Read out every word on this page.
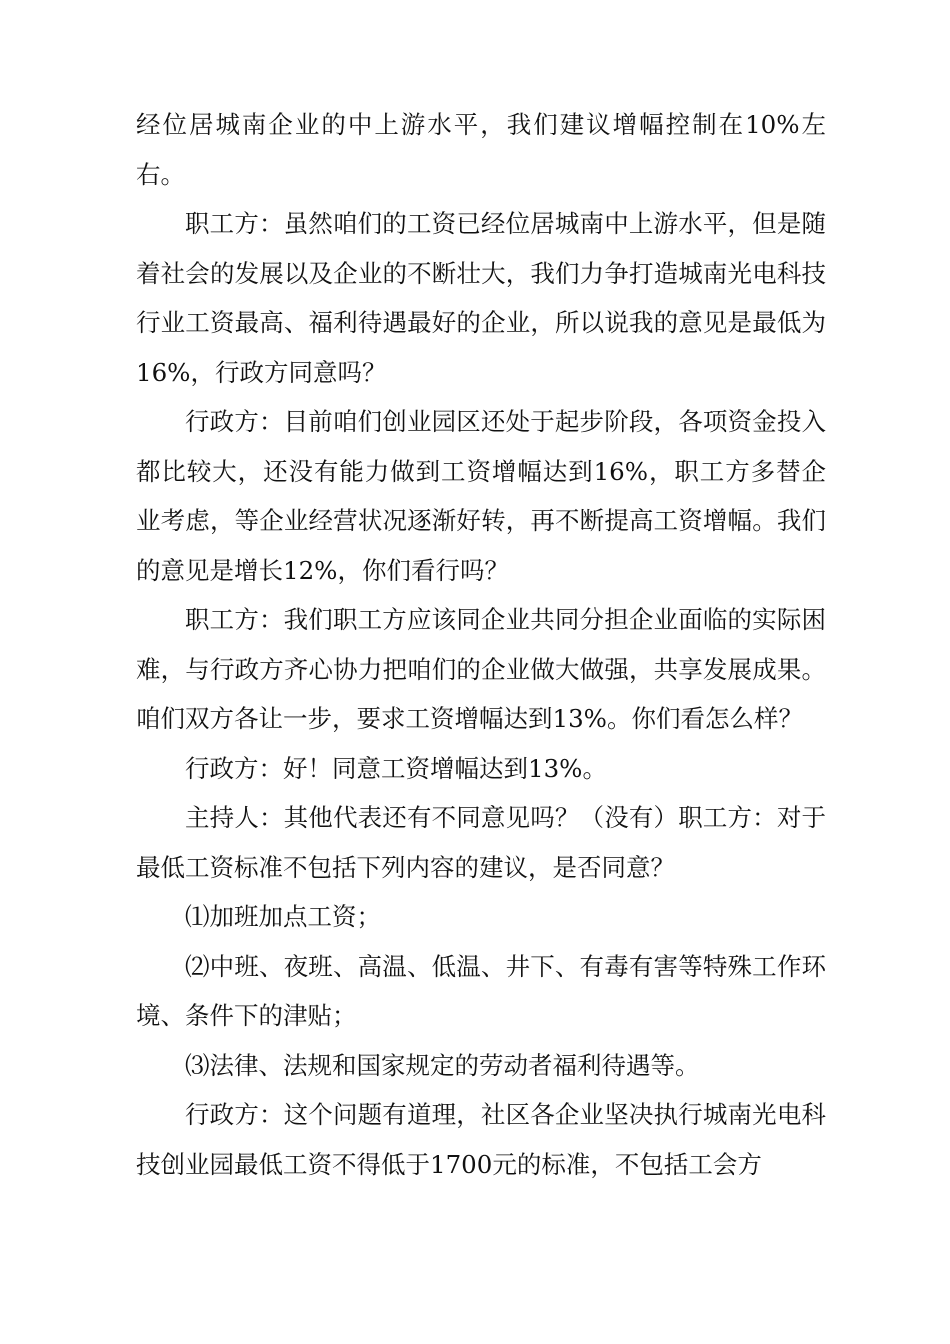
经位居城南企业的中上游水平，我们建议增幅控制在10%左右。

职工方：虽然咱们的工资已经位居城南中上游水平，但是随着社会的发展以及企业的不断壮大，我们力争打造城南光电科技行业工资最高、福利待遇最好的企业，所以说我的意见是最低为16%，行政方同意吗？

行政方：目前咱们创业园区还处于起步阶段，各项资金投入都比较大，还没有能力做到工资增幅达到16%，职工方多替企业考虑，等企业经营状况逐渐好转，再不断提高工资增幅。我们的意见是增长12%，你们看行吗？

职工方：我们职工方应该同企业共同分担企业面临的实际困难，与行政方齐心协力把咱们的企业做大做强，共享发展成果。咱们双方各让一步，要求工资增幅达到13%。你们看怎么样？

行政方：好！同意工资增幅达到13%。

主持人：其他代表还有不同意见吗？（没有）职工方：对于最低工资标准不包括下列内容的建议，是否同意？

⑴加班加点工资；

⑵中班、夜班、高温、低温、井下、有毒有害等特殊工作环境、条件下的津贴；

⑶法律、法规和国家规定的劳动者福利待遇等。

行政方：这个问题有道理，社区各企业坚决执行城南光电科技创业园最低工资不得低于1700元的标准，不包括工会方
